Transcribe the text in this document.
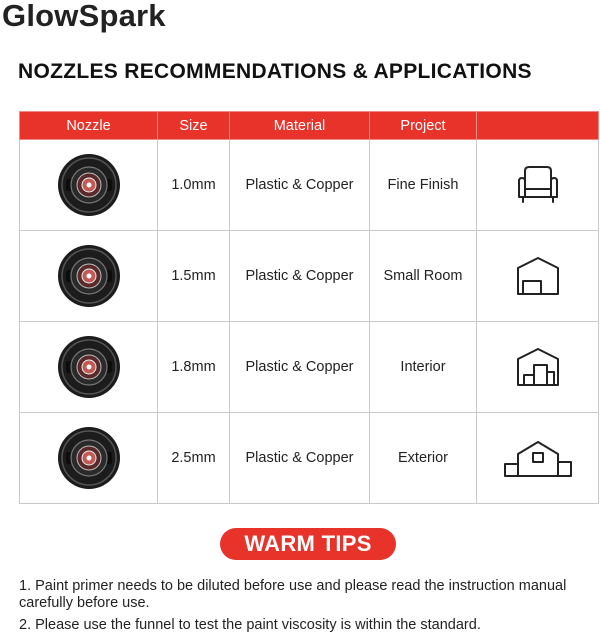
GlowSpark
NOZZLES RECOMMENDATIONS & APPLICATIONS
Nozzle	Size	Material	Project	

	1.0mm	Plastic & Copper	Fine Finish	

	1.5mm	Plastic & Copper	Small Room	

	1.8mm	Plastic & Copper	Interior	

	2.5mm	Plastic & Copper	Exterior	
WARM TIPS

1. Paint primer needs to be diluted before use and please read the instruction manual carefully before use.

2. Please use the funnel to test the paint viscosity is within the standard.
